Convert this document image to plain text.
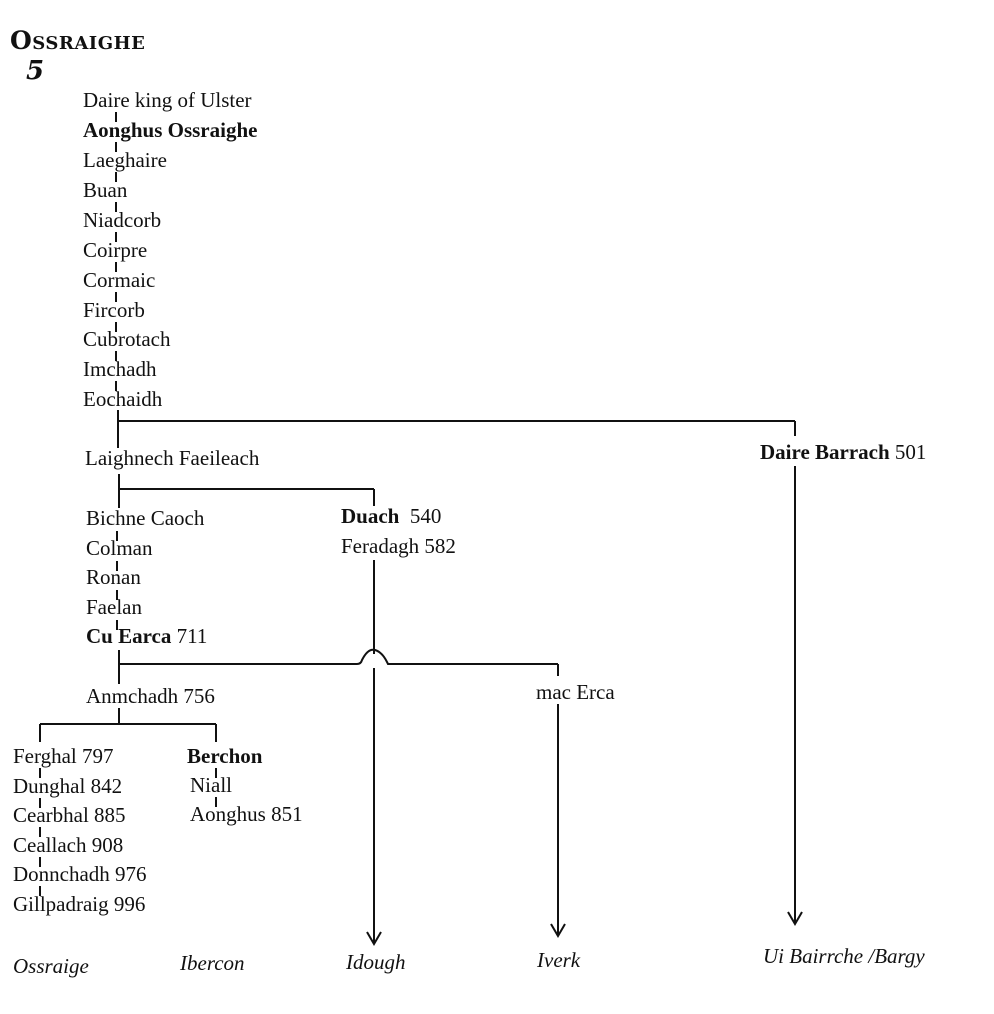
Ossraighe
5
Daire king of Ulster
Aonghus Ossraighe
Laeghaire
Buan
Niadcorb
Coirpre
Cormaic
Fircorb
Cubrotach
Imchadh
Eochaidh
Laighnech Faeileach	Daire Barrach 501
Bichne Caoch
Colman
Ronan
Faelan
Cu Earca 711
Duach 540
Feradagh 582
Anmchadh 756	mac Erca
Ferghal 797
Dunghal 842
Cearbhal 885
Ceallach 908
Donnchadh 976
Gillpadraig 996
Berchon
Niall
Aonghus 851
Ossraige	Ibercon	Idough	Iverk	Ui Bairrche /Bargy
